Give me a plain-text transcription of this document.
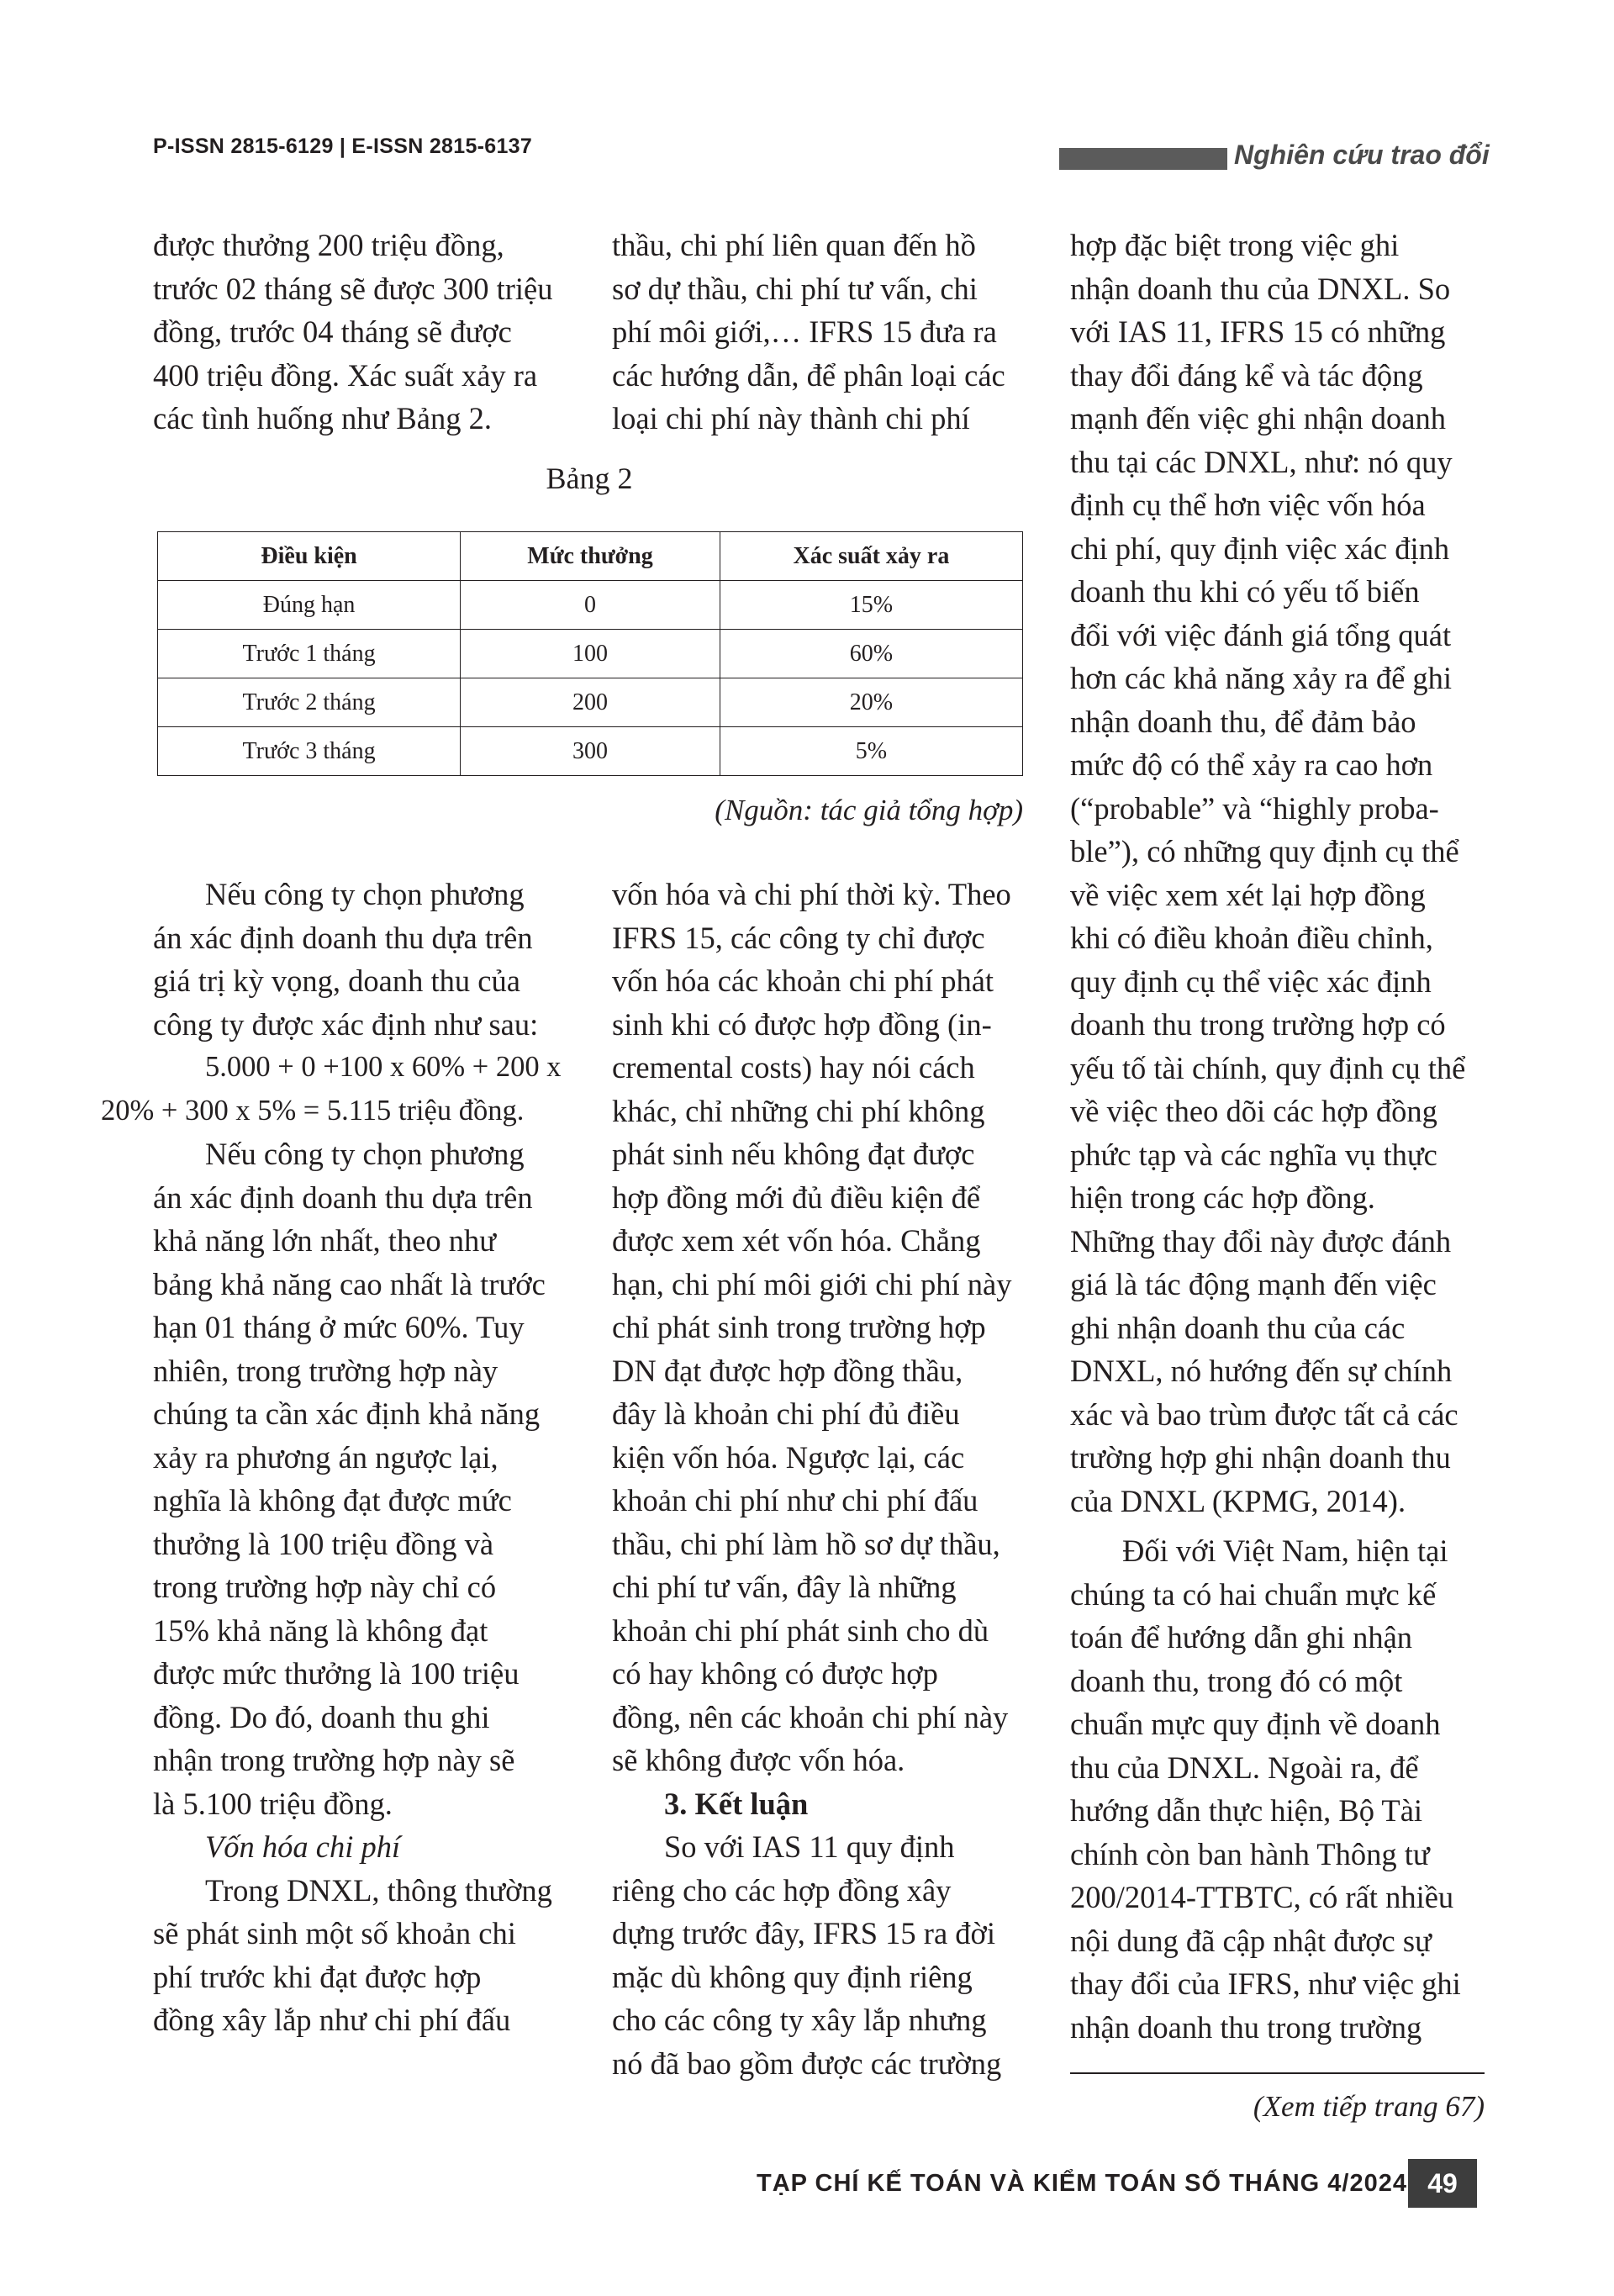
P-ISSN 2815-6129 | E-ISSN 2815-6137	Nghiên cứu trao đổi

được thưởng 200 triệu đồng,
trước 02 tháng sẽ được 300 triệu
đồng, trước 04 tháng sẽ được
400 triệu đồng. Xác suất xảy ra
các tình huống như Bảng 2.

thầu, chi phí liên quan đến hồ
sơ dự thầu, chi phí tư vấn, chi
phí môi giới,… IFRS 15 đưa ra
các hướng dẫn, để phân loại các
loại chi phí này thành chi phí

Bảng 2
Điều kiện	Mức thưởng	Xác suất xảy ra
Đúng hạn	0	15%
Trước 1 tháng	100	60%
Trước 2 tháng	200	20%
Trước 3 tháng	300	5%
(Nguồn: tác giả tổng hợp)

Nếu công ty chọn phương
án xác định doanh thu dựa trên
giá trị kỳ vọng, doanh thu của
công ty được xác định như sau:

5.000 + 0 +100 x 60% + 200 x
20% + 300 x 5% = 5.115 triệu đồng.

Nếu công ty chọn phương
án xác định doanh thu dựa trên
khả năng lớn nhất, theo như
bảng khả năng cao nhất là trước
hạn 01 tháng ở mức 60%. Tuy
nhiên, trong trường hợp này
chúng ta cần xác định khả năng
xảy ra phương án ngược lại,
nghĩa là không đạt được mức
thưởng là 100 triệu đồng và
trong trường hợp này chỉ có
15% khả năng là không đạt
được mức thưởng là 100 triệu
đồng. Do đó, doanh thu ghi
nhận trong trường hợp này sẽ
là 5.100 triệu đồng.

Vốn hóa chi phí

Trong DNXL, thông thường
sẽ phát sinh một số khoản chi
phí trước khi đạt được hợp
đồng xây lắp như chi phí đấu

vốn hóa và chi phí thời kỳ. Theo
IFRS 15, các công ty chỉ được
vốn hóa các khoản chi phí phát
sinh khi có được hợp đồng (in-
cremental costs) hay nói cách
khác, chỉ những chi phí không
phát sinh nếu không đạt được
hợp đồng mới đủ điều kiện để
được xem xét vốn hóa. Chẳng
hạn, chi phí môi giới chi phí này
chỉ phát sinh trong trường hợp
DN đạt được hợp đồng thầu,
đây là khoản chi phí đủ điều
kiện vốn hóa. Ngược lại, các
khoản chi phí như chi phí đấu
thầu, chi phí làm hồ sơ dự thầu,
chi phí tư vấn, đây là những
khoản chi phí phát sinh cho dù
có hay không có được hợp
đồng, nên các khoản chi phí này
sẽ không được vốn hóa.

3. Kết luận

So với IAS 11 quy định
riêng cho các hợp đồng xây
dựng trước đây, IFRS 15 ra đời
mặc dù không quy định riêng
cho các công ty xây lắp nhưng
nó đã bao gồm được các trường

hợp đặc biệt trong việc ghi
nhận doanh thu của DNXL. So
với IAS 11, IFRS 15 có những
thay đổi đáng kể và tác động
mạnh đến việc ghi nhận doanh
thu tại các DNXL, như: nó quy
định cụ thể hơn việc vốn hóa
chi phí, quy định việc xác định
doanh thu khi có yếu tố biến
đổi với việc đánh giá tổng quát
hơn các khả năng xảy ra để ghi
nhận doanh thu, để đảm bảo
mức độ có thể xảy ra cao hơn
(“probable” và “highly proba-
ble”), có những quy định cụ thể
về việc xem xét lại hợp đồng
khi có điều khoản điều chỉnh,
quy định cụ thể việc xác định
doanh thu trong trường hợp có
yếu tố tài chính, quy định cụ thể
về việc theo dõi các hợp đồng
phức tạp và các nghĩa vụ thực
hiện trong các hợp đồng.
Những thay đổi này được đánh
giá là tác động mạnh đến việc
ghi nhận doanh thu của các
DNXL, nó hướng đến sự chính
xác và bao trùm được tất cả các
trường hợp ghi nhận doanh thu
của DNXL (KPMG, 2014).

Đối với Việt Nam, hiện tại
chúng ta có hai chuẩn mực kế
toán để hướng dẫn ghi nhận
doanh thu, trong đó có một
chuẩn mực quy định về doanh
thu của DNXL. Ngoài ra, để
hướng dẫn thực hiện, Bộ Tài
chính còn ban hành Thông tư
200/2014-TTBTC, có rất nhiều
nội dung đã cập nhật được sự
thay đổi của IFRS, như việc ghi
nhận doanh thu trong trường

(Xem tiếp trang 67)
TẠP CHÍ KẾ TOÁN VÀ KIỂM TOÁN SỐ THÁNG 4/2024 49
